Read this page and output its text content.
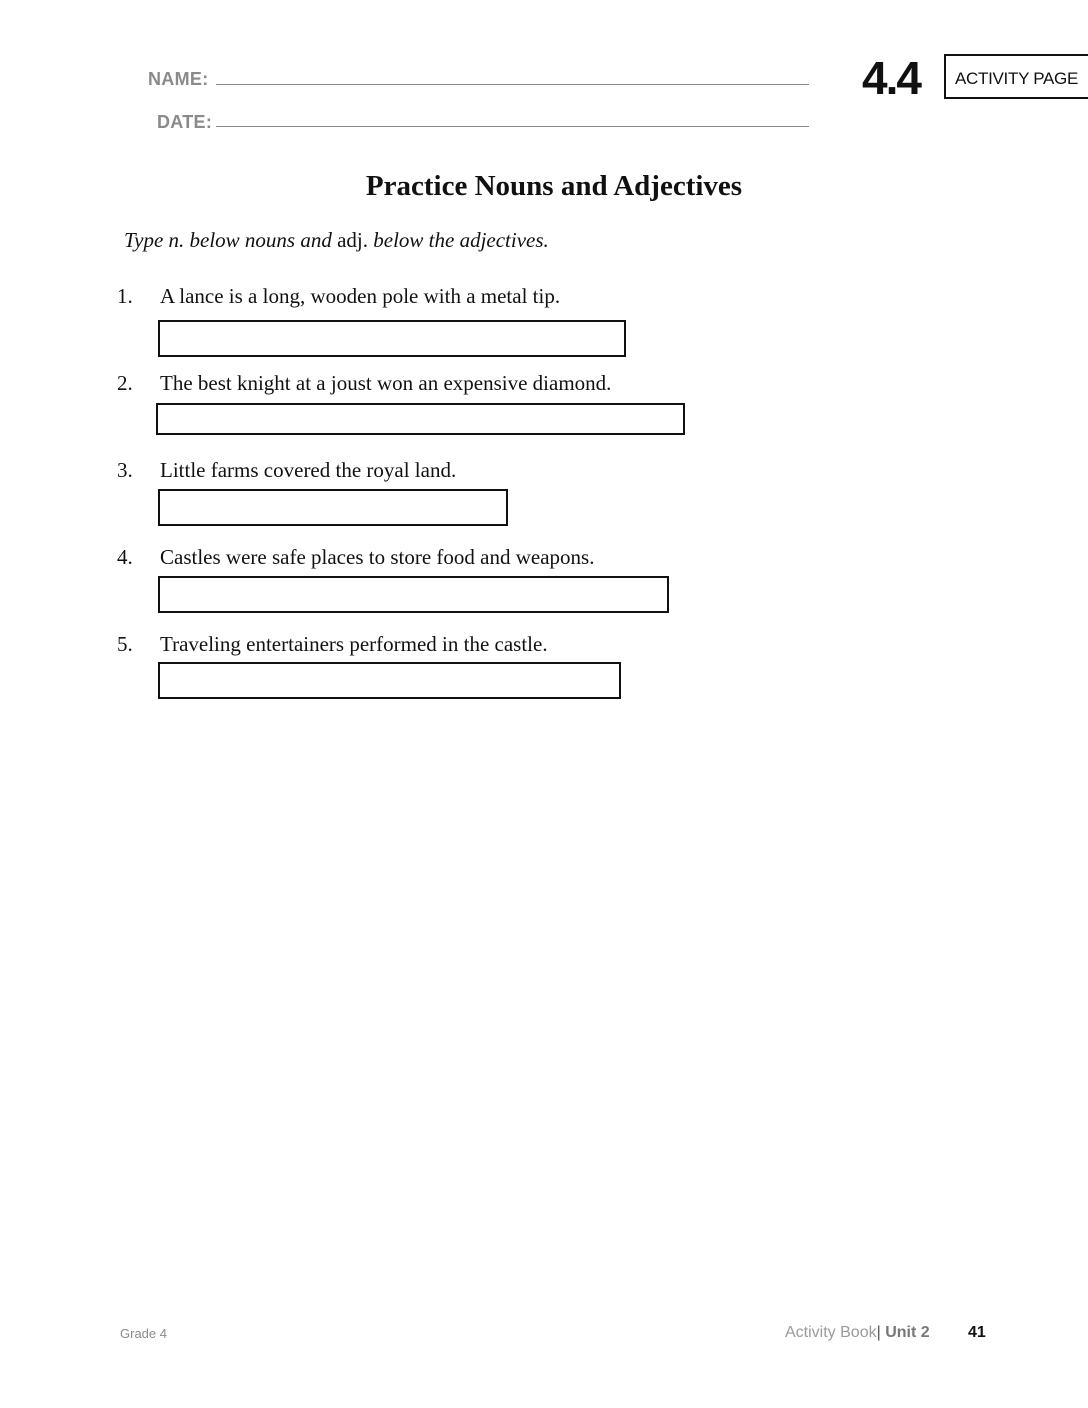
NAME:
DATE:
4.4	ACTIVITY PAGE
Practice Nouns and Adjectives
Type n. below nouns and adj. below the adjectives.
1. A lance is a long, wooden pole with a metal tip.
2. The best knight at a joust won an expensive diamond.
3. Little farms covered the royal land.
4. Castles were safe places to store food and weapons.
5. Traveling entertainers performed in the castle.
Grade 4	Activity Book| Unit 2 41
